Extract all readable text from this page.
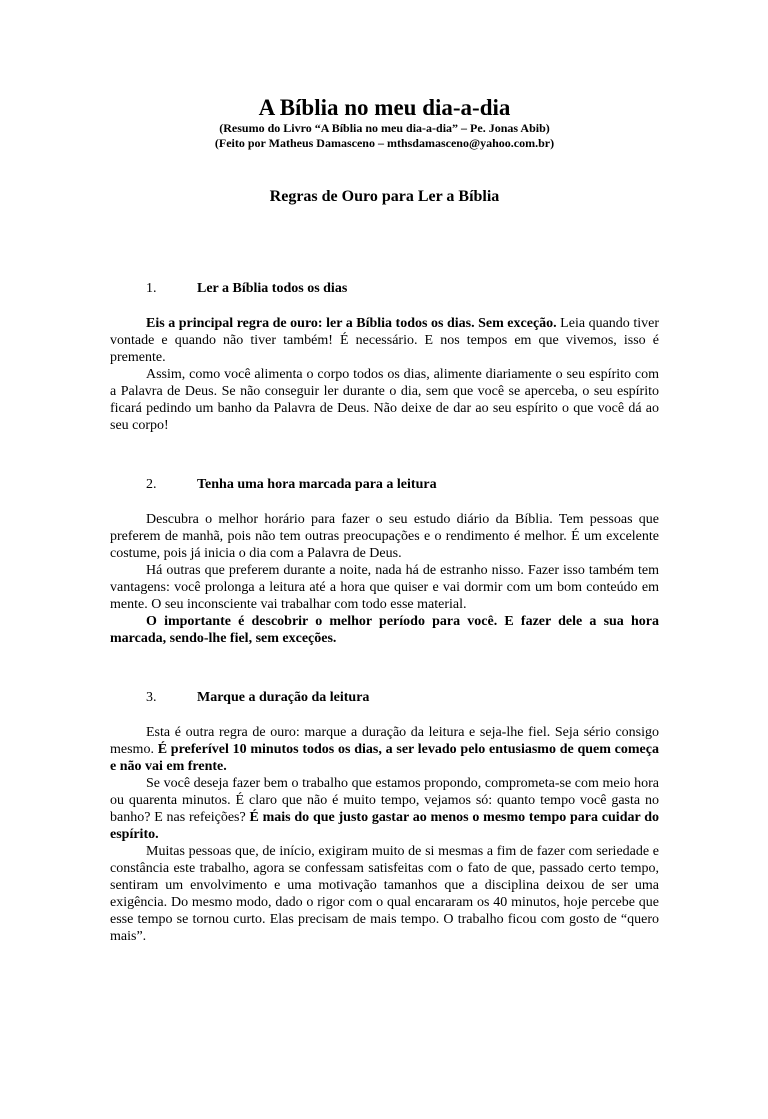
A Bíblia no meu dia-a-dia
(Resumo do Livro “A Bíblia no meu dia-a-dia” – Pe. Jonas Abib)
(Feito por Matheus Damasceno – mthsdamasceno@yahoo.com.br)
Regras de Ouro para Ler a Bíblia
1.	Ler a Bíblia todos os dias

Eis a principal regra de ouro: ler a Bíblia todos os dias. Sem exceção. Leia quando tiver vontade e quando não tiver também! É necessário. E nos tempos em que vivemos, isso é premente.

Assim, como você alimenta o corpo todos os dias, alimente diariamente o seu espírito com a Palavra de Deus. Se não conseguir ler durante o dia, sem que você se aperceba, o seu espírito ficará pedindo um banho da Palavra de Deus. Não deixe de dar ao seu espírito o que você dá ao seu corpo!

2.	Tenha uma hora marcada para a leitura

Descubra o melhor horário para fazer o seu estudo diário da Bíblia. Tem pessoas que preferem de manhã, pois não tem outras preocupações e o rendimento é melhor. É um excelente costume, pois já inicia o dia com a Palavra de Deus.

Há outras que preferem durante a noite, nada há de estranho nisso. Fazer isso também tem vantagens: você prolonga a leitura até a hora que quiser e vai dormir com um bom conteúdo em mente. O seu inconsciente vai trabalhar com todo esse material.

O importante é descobrir o melhor período para você. E fazer dele a sua hora marcada, sendo-lhe fiel, sem exceções.

3.	Marque a duração da leitura

Esta é outra regra de ouro: marque a duração da leitura e seja-lhe fiel. Seja sério consigo mesmo. É preferível 10 minutos todos os dias, a ser levado pelo entusiasmo de quem começa e não vai em frente.

Se você deseja fazer bem o trabalho que estamos propondo, comprometa-se com meio hora ou quarenta minutos. É claro que não é muito tempo, vejamos só: quanto tempo você gasta no banho? E nas refeições? É mais do que justo gastar ao menos o mesmo tempo para cuidar do espírito.

Muitas pessoas que, de início, exigiram muito de si mesmas a fim de fazer com seriedade e constância este trabalho, agora se confessam satisfeitas com o fato de que, passado certo tempo, sentiram um envolvimento e uma motivação tamanhos que a disciplina deixou de ser uma exigência. Do mesmo modo, dado o rigor com o qual encararam os 40 minutos, hoje percebe que esse tempo se tornou curto. Elas precisam de mais tempo. O trabalho ficou com gosto de “quero mais”.
